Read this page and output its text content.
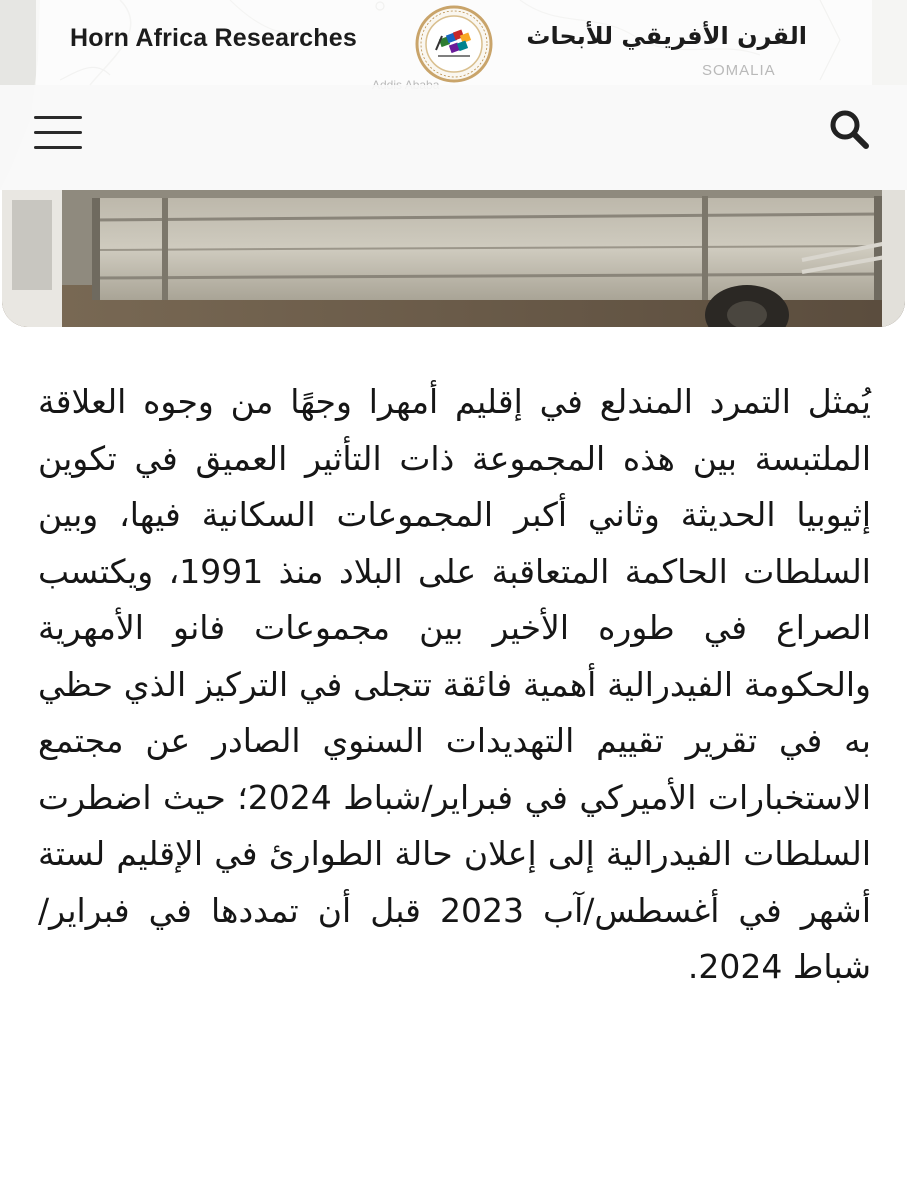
SOMALIA
Horn Africa Researches	القرن الأفريقي للأبحاث

يُمثل التمرد المندلع في إقليم أمهرا وجهًا من وجوه العلاقة الملتبسة بين هذه المجموعة ذات التأثير العميق في تكوين إثيوبيا الحديثة وثاني أكبر المجموعات السكانية فيها، وبين السلطات الحاكمة المتعاقبة على البلاد منذ 1991، ويكتسب الصراع في طوره الأخير بين مجموعات فانو الأمهرية والحكومة الفيدرالية أهمية فائقة تتجلى في التركيز الذي حظي به في تقرير تقييم التهديدات السنوي الصادر عن مجتمع الاستخبارات الأميركي في فبراير/شباط 2024؛ حيث اضطرت السلطات الفيدرالية إلى إعلان حالة الطوارئ في الإقليم لستة أشهر في أغسطس/آب 2023 قبل أن تمددها في فبراير/شباط 2024.
